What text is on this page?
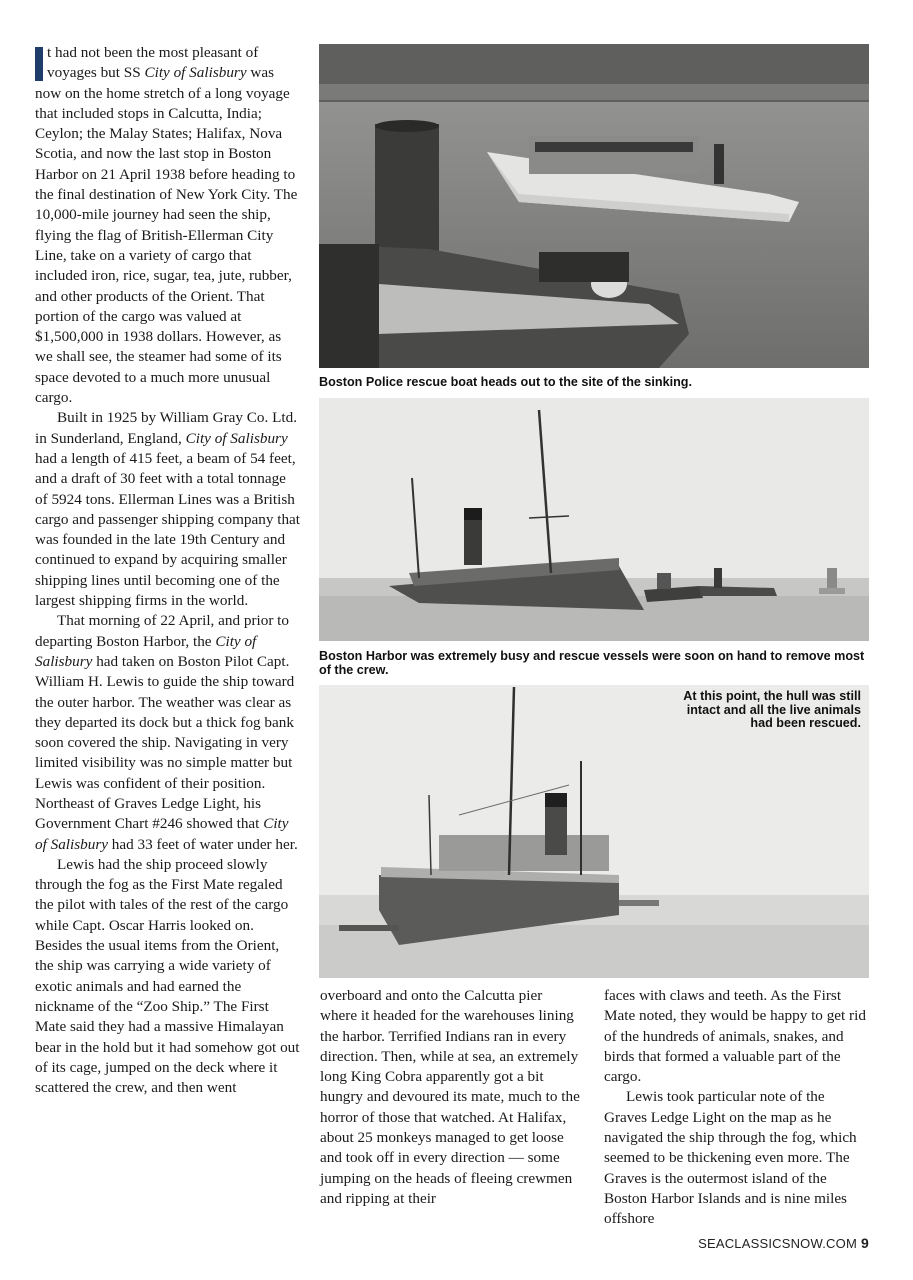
t had not been the most pleasant of voyages but SS City of Salisbury was now on the home stretch of a long voyage that included stops in Calcutta, India; Ceylon; the Malay States; Halifax, Nova Scotia, and now the last stop in Boston Harbor on 21 April 1938 before heading to the final destination of New York City. The 10,000-mile journey had seen the ship, flying the flag of British-Ellerman City Line, take on a variety of cargo that included iron, rice, sugar, tea, jute, rubber, and other products of the Orient. That portion of the cargo was valued at $1,500,000 in 1938 dollars. However, as we shall see, the steamer had some of its space devoted to a much more unusual cargo.

Built in 1925 by William Gray Co. Ltd. in Sunderland, England, City of Salisbury had a length of 415 feet, a beam of 54 feet, and a draft of 30 feet with a total tonnage of 5924 tons. Ellerman Lines was a British cargo and passenger shipping company that was founded in the late 19th Century and continued to expand by acquiring smaller shipping lines until becoming one of the largest shipping firms in the world.

That morning of 22 April, and prior to departing Boston Harbor, the City of Salisbury had taken on Boston Pilot Capt. William H. Lewis to guide the ship toward the outer harbor. The weather was clear as they departed its dock but a thick fog bank soon covered the ship. Navigating in very limited visibility was no simple matter but Lewis was confident of their position. Northeast of Graves Ledge Light, his Government Chart #246 showed that City of Salisbury had 33 feet of water under her.

Lewis had the ship proceed slowly through the fog as the First Mate regaled the pilot with tales of the rest of the cargo while Capt. Oscar Harris looked on. Besides the usual items from the Orient, the ship was carrying a wide variety of exotic animals and had earned the nickname of the “Zoo Ship.” The First Mate said they had a massive Himalayan bear in the hold but it had somehow got out of its cage, jumped on the deck where it scattered the crew, and then went

Boston Police rescue boat heads out to the site of the sinking.

Boston Harbor was extremely busy and rescue vessels were soon on hand to remove most of the crew.

At this point, the hull was still intact and all the live animals had been rescued.

overboard and onto the Calcutta pier where it headed for the warehouses lining the harbor. Terrified Indians ran in every direction. Then, while at sea, an extremely long King Cobra apparently got a bit hungry and devoured its mate, much to the horror of those that watched. At Halifax, about 25 monkeys managed to get loose and took off in every direction — some jumping on the heads of fleeing crewmen and ripping at their

faces with claws and teeth. As the First Mate noted, they would be happy to get rid of the hundreds of animals, snakes, and birds that formed a valuable part of the cargo.

Lewis took particular note of the Graves Ledge Light on the map as he navigated the ship through the fog, which seemed to be thickening even more. The Graves is the outermost island of the Boston Harbor Islands and is nine miles offshore

SEACLASSICSNOW.COM 9
